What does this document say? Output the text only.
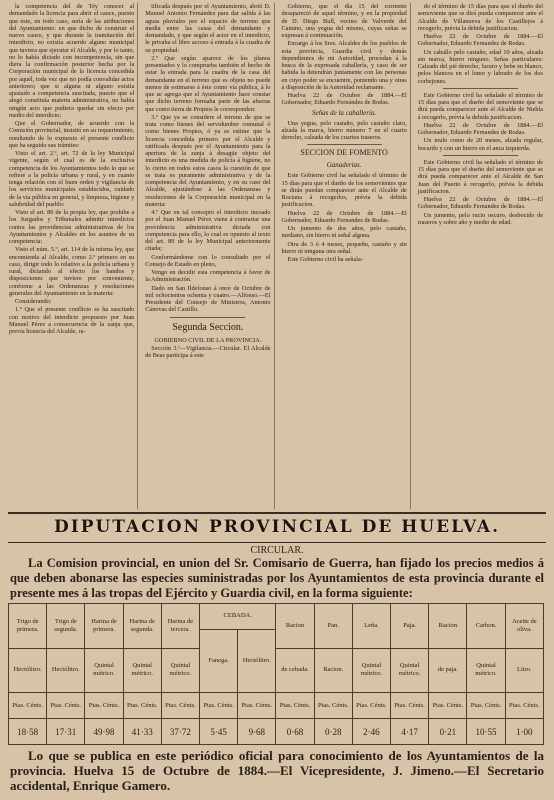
la competencia del de Téy conocer al demandado la licencia para abrir el cauce, puesto que este, en todo caso, sería de las atribuciones del Ayuntamiento: en que dicho de construir el nuevo cauce, y que durante la tramitación del interdicto, no existía acuerdo alguno municipal que tuviera que ejecutar el Alcalde, y por lo tanto, no lo había dictado con incompetencia, sin que diera la confirmación posterior hecha por la Corporación municipal de la licencia concedida por aquél, toda vez que no podía convalidar actos anteriores; que si alguna ni alguno existía ajustado a competencia suscitada, puesto que el alegó constituía materia administrativa, no había ningún acto que pudiera quedar sin efecto por medio del interdicto;

Que el Gobernador, de acuerdo con la Comisión provincial, insistió en su requerimiento, resultando de lo expuesto el presente conflicto que ha seguido sus trámites:

Visto el art. 2.º, art. 72 de la ley Municipal vigente, según el cual es de la exclusiva competencia de los Ayuntamientos todo lo que se refiere a la policía urbana y rural, y en cuanto tenga relación con el buen orden y vigilancia de los servicios municipales establecidos, cuidado de la vía pública en general, y limpieza, higiene y salubridad del pueblo:

Visto el art. 80 de la propia ley, que prohibe a los Juzgados y Tribunales admitir interdictos contra las providencias administrativas de los Ayuntamientos y Alcaldes en los asuntos de su competencia:

Visto el núm. 5.º, art. 114 de la misma ley, que encomienda al Alcalde, como 2.º primero en su caso, dirigir todo lo relativo a la policía urbana y rural, dictando al efecto los bandos y disposiciones que tuviere por conveniente, conforme a las Ordenanzas y resoluciones generales del Ayuntamiento en la materia:

Considerando:

1.º Que el presente conflicto se ha suscitado con motivo del interdicto propuesto por Juan Manuel Pérez a consecuencia de la zanja que, previa licencia del Alcalde, ra-

tificada después por el Ayuntamiento, abrió D. Manuel Antonio Fernández para dar salida á las aguas pluviales por el espacio de terreno que media entre las casas del demandante y demandado, y que según el actor en el interdicto, le privaba el libre acceso á entrada á la cuadra de su propiedad:

2.º Que según aparece de los planos presentados y lo comprueba también el hecho de estar la entrada para la cuadra de la casa del demandante en el terreno que es objeto no puede menos de estimarse á éste como vía pública, á lo que se agrega que el Ayuntamiento hace constar que dicho terreno formaba parte de las afueras que como tierra de Propios le corresponden:

3.º Que ya se considere el terreno de que se trata como bienes del servidumbre comunal ó como bienes Propios, ó ya se estime que la licencia concedida primero por el Alcalde y ratificada después por el Ayuntamiento para la apertura de la zanja á desagüe objeto del interdicto es una medida de policía á higiene, no lo cierto en todos estos casos la cuestión de que se trata es puramente administrativa y de la competencia del Ayuntamiento, y en su caso del Alcalde, ajustándose á las Ordenanzas y resoluciones de la Corporación municipal en la materia:

4.º Que en tal concepto el interdicto incoado por el Juan Manuel Pérez viene á contrariar una providencia administrativa dictada con competencia para ello, lo cual es opuesto al texto del art. 89 de la ley Municipal anteriormente citada;

Conformándome con lo consultado por el Consejo de Estado en pleno,

Vengo en decidir esta competencia á favor de la Administración.

Dado en San Ildefonso á once de Octubre de mil ochocientos ochenta y cuatro.—Alfonso.—El Presidente del Consejo de Ministros, Antonio Cánovas del Castillo.

Segunda Seccion.

GOBIERNO CIVIL DE LA PROVINCIA.

Sección 3.ª—Vigilancia.—Circular. El Alcalde de Beas participa á este

Gobierno, que el día 15 del corriente desapareció de aquel término, y en la propiedad de D. Diego Bull, vecino de Valverde del Camino, una yegua del mismo, cuyas señas se expresan á continuación.

Encargo á los Sres. Alcaldes de los pueblos de esta provincia, Guardia civil y demás dependientes de mi Autoridad, procedan á la busca de la expresada caballería, y caso de ser habida la detendrán juntamente con las personas en cuyo poder se encuentre, poniendo una y otras á disposición de la Autoridad reclamante.

Huelva 22 de Octubre de 1884.—El Gobernador, Eduardo Fernández de Rodas.

Señas de la caballería.

Una yegua, pelo castaño, pelo castaño claro, alzada la marca, hierro número 7 en el cuarto derecho, calzada de los cuartos traseros.

SECCION DE FOMENTO

Ganaderias.

Este Gobierno civil ha señalado el término de 15 días para que el dueño de los semovientes que se dirán puedan comparecer ante el Alcalde de Rociana á recogerlos, prévia la debida justificacion.

Huelva 22 de Octubre de 1884.—El Gobernador, Eduardo Fernandez de Rodas.

Un jumento de dos años, pelo castaño, mediano, sin hierro ni señal alguna.

Otra de 3 ó 4 meses, pequeño, castaño y sin hierro ni ninguna otra señal.

Este Gobierno civil ha señala-

do el término de 15 días para que el dueño del semoviente que se dirá pueda comparecer ante el Alcalde de Villanueva de los Castillejos á recogerlo, prévia la debida justificacion.

Huelva 22 de Octubre de 1884.—El Gobernador, Eduardo Fernandez de Rodas.

Un caballo pelo castaño, edad 10 años, alzada sin marca, hierro ninguno. Señas particulares: Calzado del pié derecho, lucero y bebe en blanco, pelos blancos en el lomo y labrado de los dos corbejones.

Este Gobierno civil ha señalado el término de 15 días para que el dueño del semoviente que se dirá pueda comparecer ante el Alcalde de Niebla á recogerlo, prévia la debida justificacion.

Huelva 22 de Octubre de 1884.—El Gobernador, Eduardo Fernandez de Rodas.

Un mulo como de 20 meses, alzada regular, bocardo y con un hierro en el anca izquierda.

Este Gobierno civil ha señalado el término de 15 días para que el dueño del semoviente que se dirá pueda comparecer ante el Alcalde de San Juan del Puerto á recogerlo, prévia la debida justificacion.

Huelva 22 de Octubre de 1884.—El Gobernador, Eduardo Fernandez de Rodas.

Un jumento, pelo rucio oscuro, desbocido de traseros y sobre año y medio de edad.

DIPUTACION PROVINCIAL DE HUELVA.
CIRCULAR.
La Comision provincial, en union del Sr. Comisario de Guerra, han fijado los precios medios á que deben abonarse las especies suministradas por los Ayuntamientos de esta provincia durante el presente mes á las tropas del Ejército y Guardia civil, en la forma siguiente:
Trigo de primera.	Trigo de segunda.	Harina de primera.	Harina de segunda.	Harina de tercera.	CEBADA.		Racion	Pan.	Leña.	Paja.	Racion	Carbon.	Aceite de oliva.
					Fanega.	Hectólitro.							
Hectólitro.	Hectólitro.	Quintal métrico.	Quintal métrico.	Quintal métrico.			de cebada.	Racion.	Quintal métrico.	Quintal métrico.	de paja.	Quintal métrico.	Litro.
Ptas. Cénts.	Ptas. Cénts.	Ptas. Cénts.	Ptas. Cénts.	Ptas. Cénts.	Ptas. Cénts.	Ptas. Cénts.	Ptas. Cénts.	Ptas. Cénts.	Ptas. Cénts.	Ptas. Cénts.	Ptas. Cénts.	Ptas. Cénts.	Ptas. Cénts.
18·58	17·31	49·98	41·33	37·72	5·45	9·68	0·68	0·28	2·46	4·17	0·21	10·55	1·00
Lo que se publica en este periódico oficial para conocimiento de los Ayuntamientos de la provincia. Huelva 15 de Octubre de 1884.—El Vicepresidente, J. Jimeno.—El Secretario accidental, Enrique Gamero.
